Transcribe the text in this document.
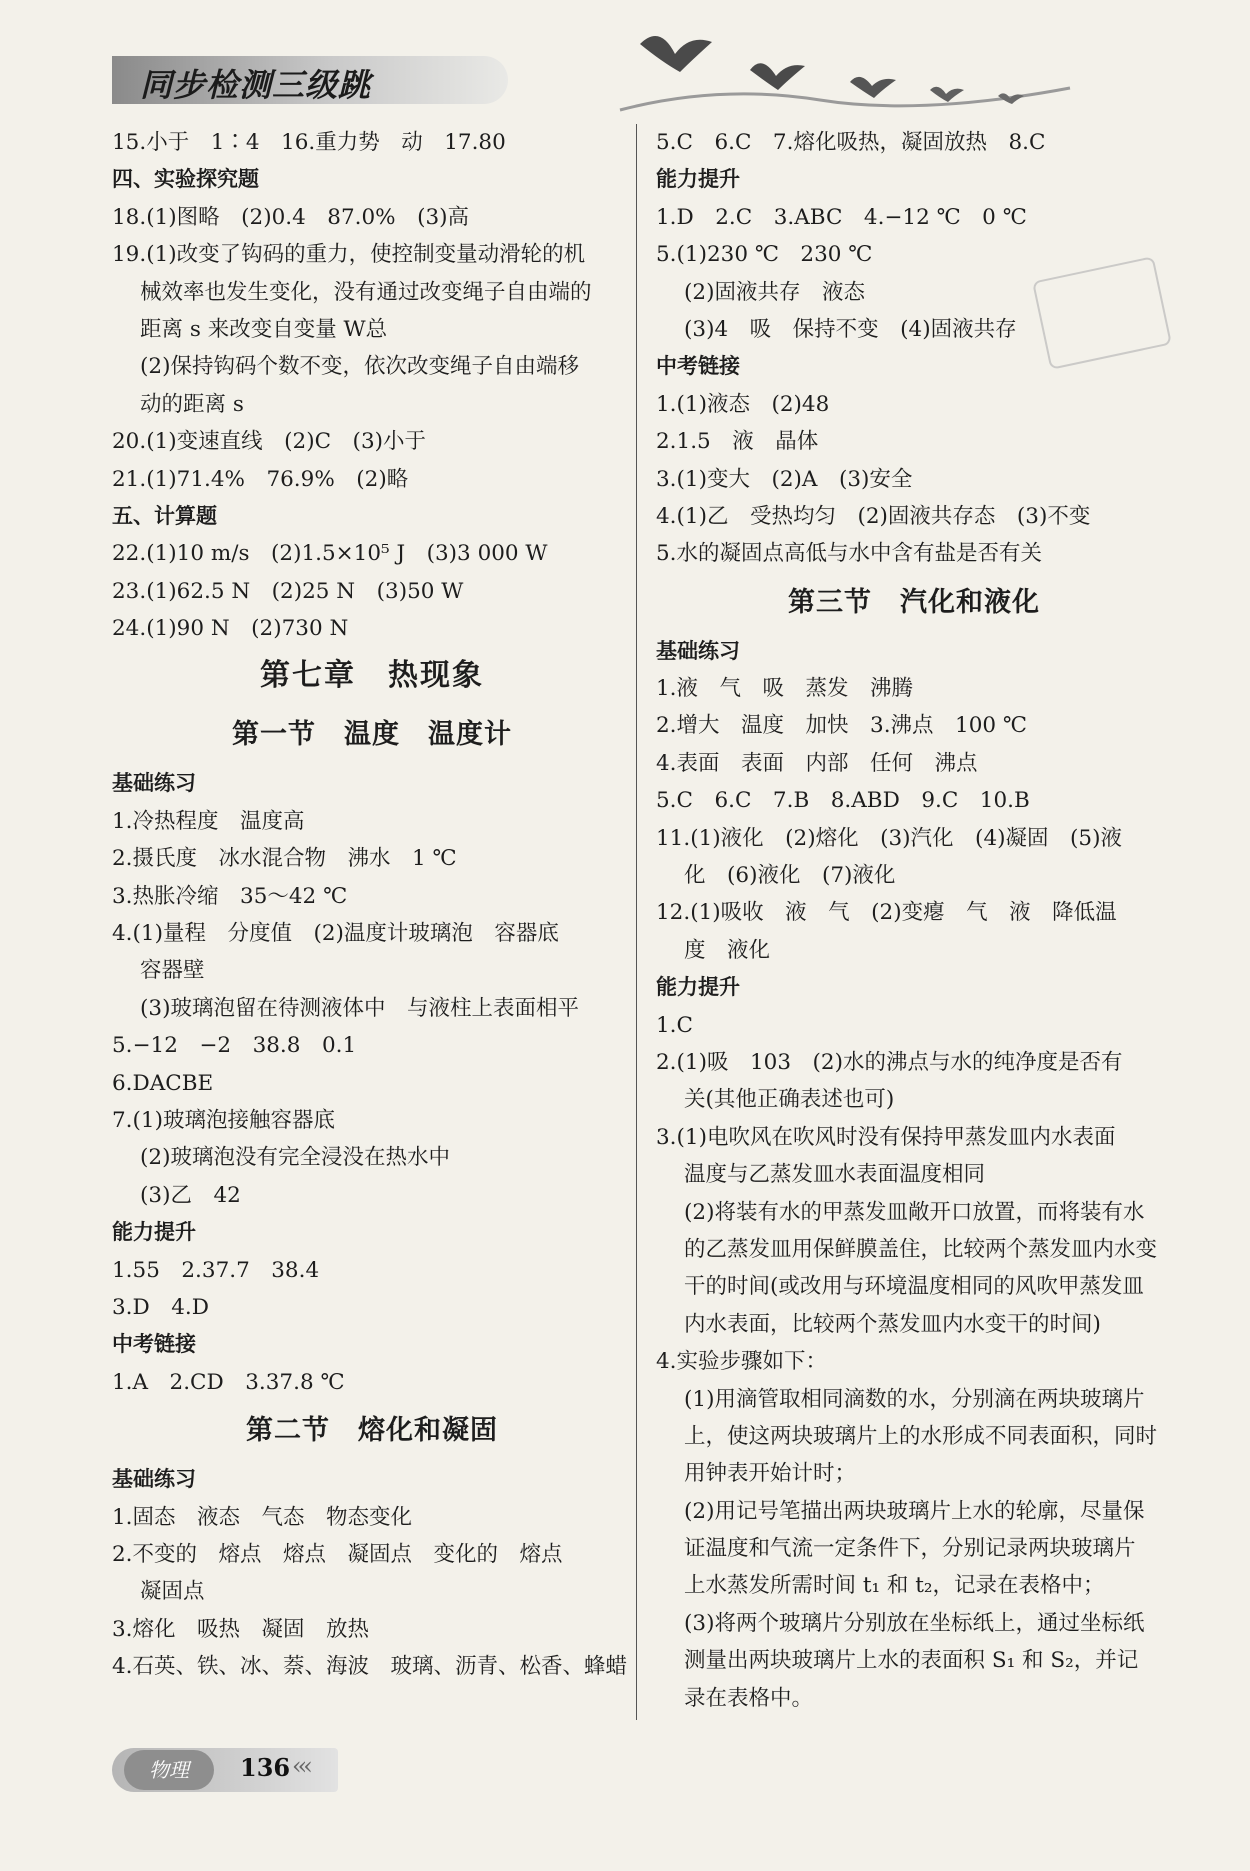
同步检测三级跳
15.小于　1∶4　16.重力势　动　17.80
四、实验探究题
18.(1)图略　(2)0.4　87.0%　(3)高
19.(1)改变了钩码的重力，使控制变量动滑轮的机
械效率也发生变化，没有通过改变绳子自由端的
距离 s 来改变自变量 W总
(2)保持钩码个数不变，依次改变绳子自由端移
动的距离 s
20.(1)变速直线　(2)C　(3)小于
21.(1)71.4%　76.9%　(2)略
五、计算题
22.(1)10 m/s　(2)1.5×10⁵ J　(3)3 000 W
23.(1)62.5 N　(2)25 N　(3)50 W
24.(1)90 N　(2)730 N
第七章　热现象
第一节　温度　温度计
基础练习
1.冷热程度　温度高
2.摄氏度　冰水混合物　沸水　1 ℃
3.热胀冷缩　35～42 ℃
4.(1)量程　分度值　(2)温度计玻璃泡　容器底
容器壁
(3)玻璃泡留在待测液体中　与液柱上表面相平
5.−12　−2　38.8　0.1
6.DACBE
7.(1)玻璃泡接触容器底
(2)玻璃泡没有完全浸没在热水中
(3)乙　42
能力提升
1.55　2.37.7　38.4
3.D　4.D
中考链接
1.A　2.CD　3.37.8 ℃
第二节　熔化和凝固
基础练习
1.固态　液态　气态　物态变化
2.不变的　熔点　熔点　凝固点　变化的　熔点
凝固点
3.熔化　吸热　凝固　放热
4.石英、铁、冰、萘、海波　玻璃、沥青、松香、蜂蜡
5.C　6.C　7.熔化吸热，凝固放热　8.C
能力提升
1.D　2.C　3.ABC　4.−12 ℃　0 ℃
5.(1)230 ℃　230 ℃
(2)固液共存　液态
(3)4　吸　保持不变　(4)固液共存
中考链接
1.(1)液态　(2)48
2.1.5　液　晶体
3.(1)变大　(2)A　(3)安全
4.(1)乙　受热均匀　(2)固液共存态　(3)不变
5.水的凝固点高低与水中含有盐是否有关
第三节　汽化和液化
基础练习
1.液　气　吸　蒸发　沸腾
2.增大　温度　加快　3.沸点　100 ℃
4.表面　表面　内部　任何　沸点
5.C　6.C　7.B　8.ABD　9.C　10.B
11.(1)液化　(2)熔化　(3)汽化　(4)凝固　(5)液
化　(6)液化　(7)液化
12.(1)吸收　液　气　(2)变瘪　气　液　降低温
度　液化
能力提升
1.C
2.(1)吸　103　(2)水的沸点与水的纯净度是否有
关(其他正确表述也可)
3.(1)电吹风在吹风时没有保持甲蒸发皿内水表面
温度与乙蒸发皿水表面温度相同
(2)将装有水的甲蒸发皿敞开口放置，而将装有水
的乙蒸发皿用保鲜膜盖住，比较两个蒸发皿内水变
干的时间(或改用与环境温度相同的风吹甲蒸发皿
内水表面，比较两个蒸发皿内水变干的时间)
4.实验步骤如下：
(1)用滴管取相同滴数的水，分别滴在两块玻璃片
上，使这两块玻璃片上的水形成不同表面积，同时
用钟表开始计时；
(2)用记号笔描出两块玻璃片上水的轮廓，尽量保
证温度和气流一定条件下，分别记录两块玻璃片
上水蒸发所需时间 t₁ 和 t₂，记录在表格中；
(3)将两个玻璃片分别放在坐标纸上，通过坐标纸
测量出两块玻璃片上水的表面积 S₁ 和 S₂，并记
录在表格中。
物理	136 ‹‹‹
